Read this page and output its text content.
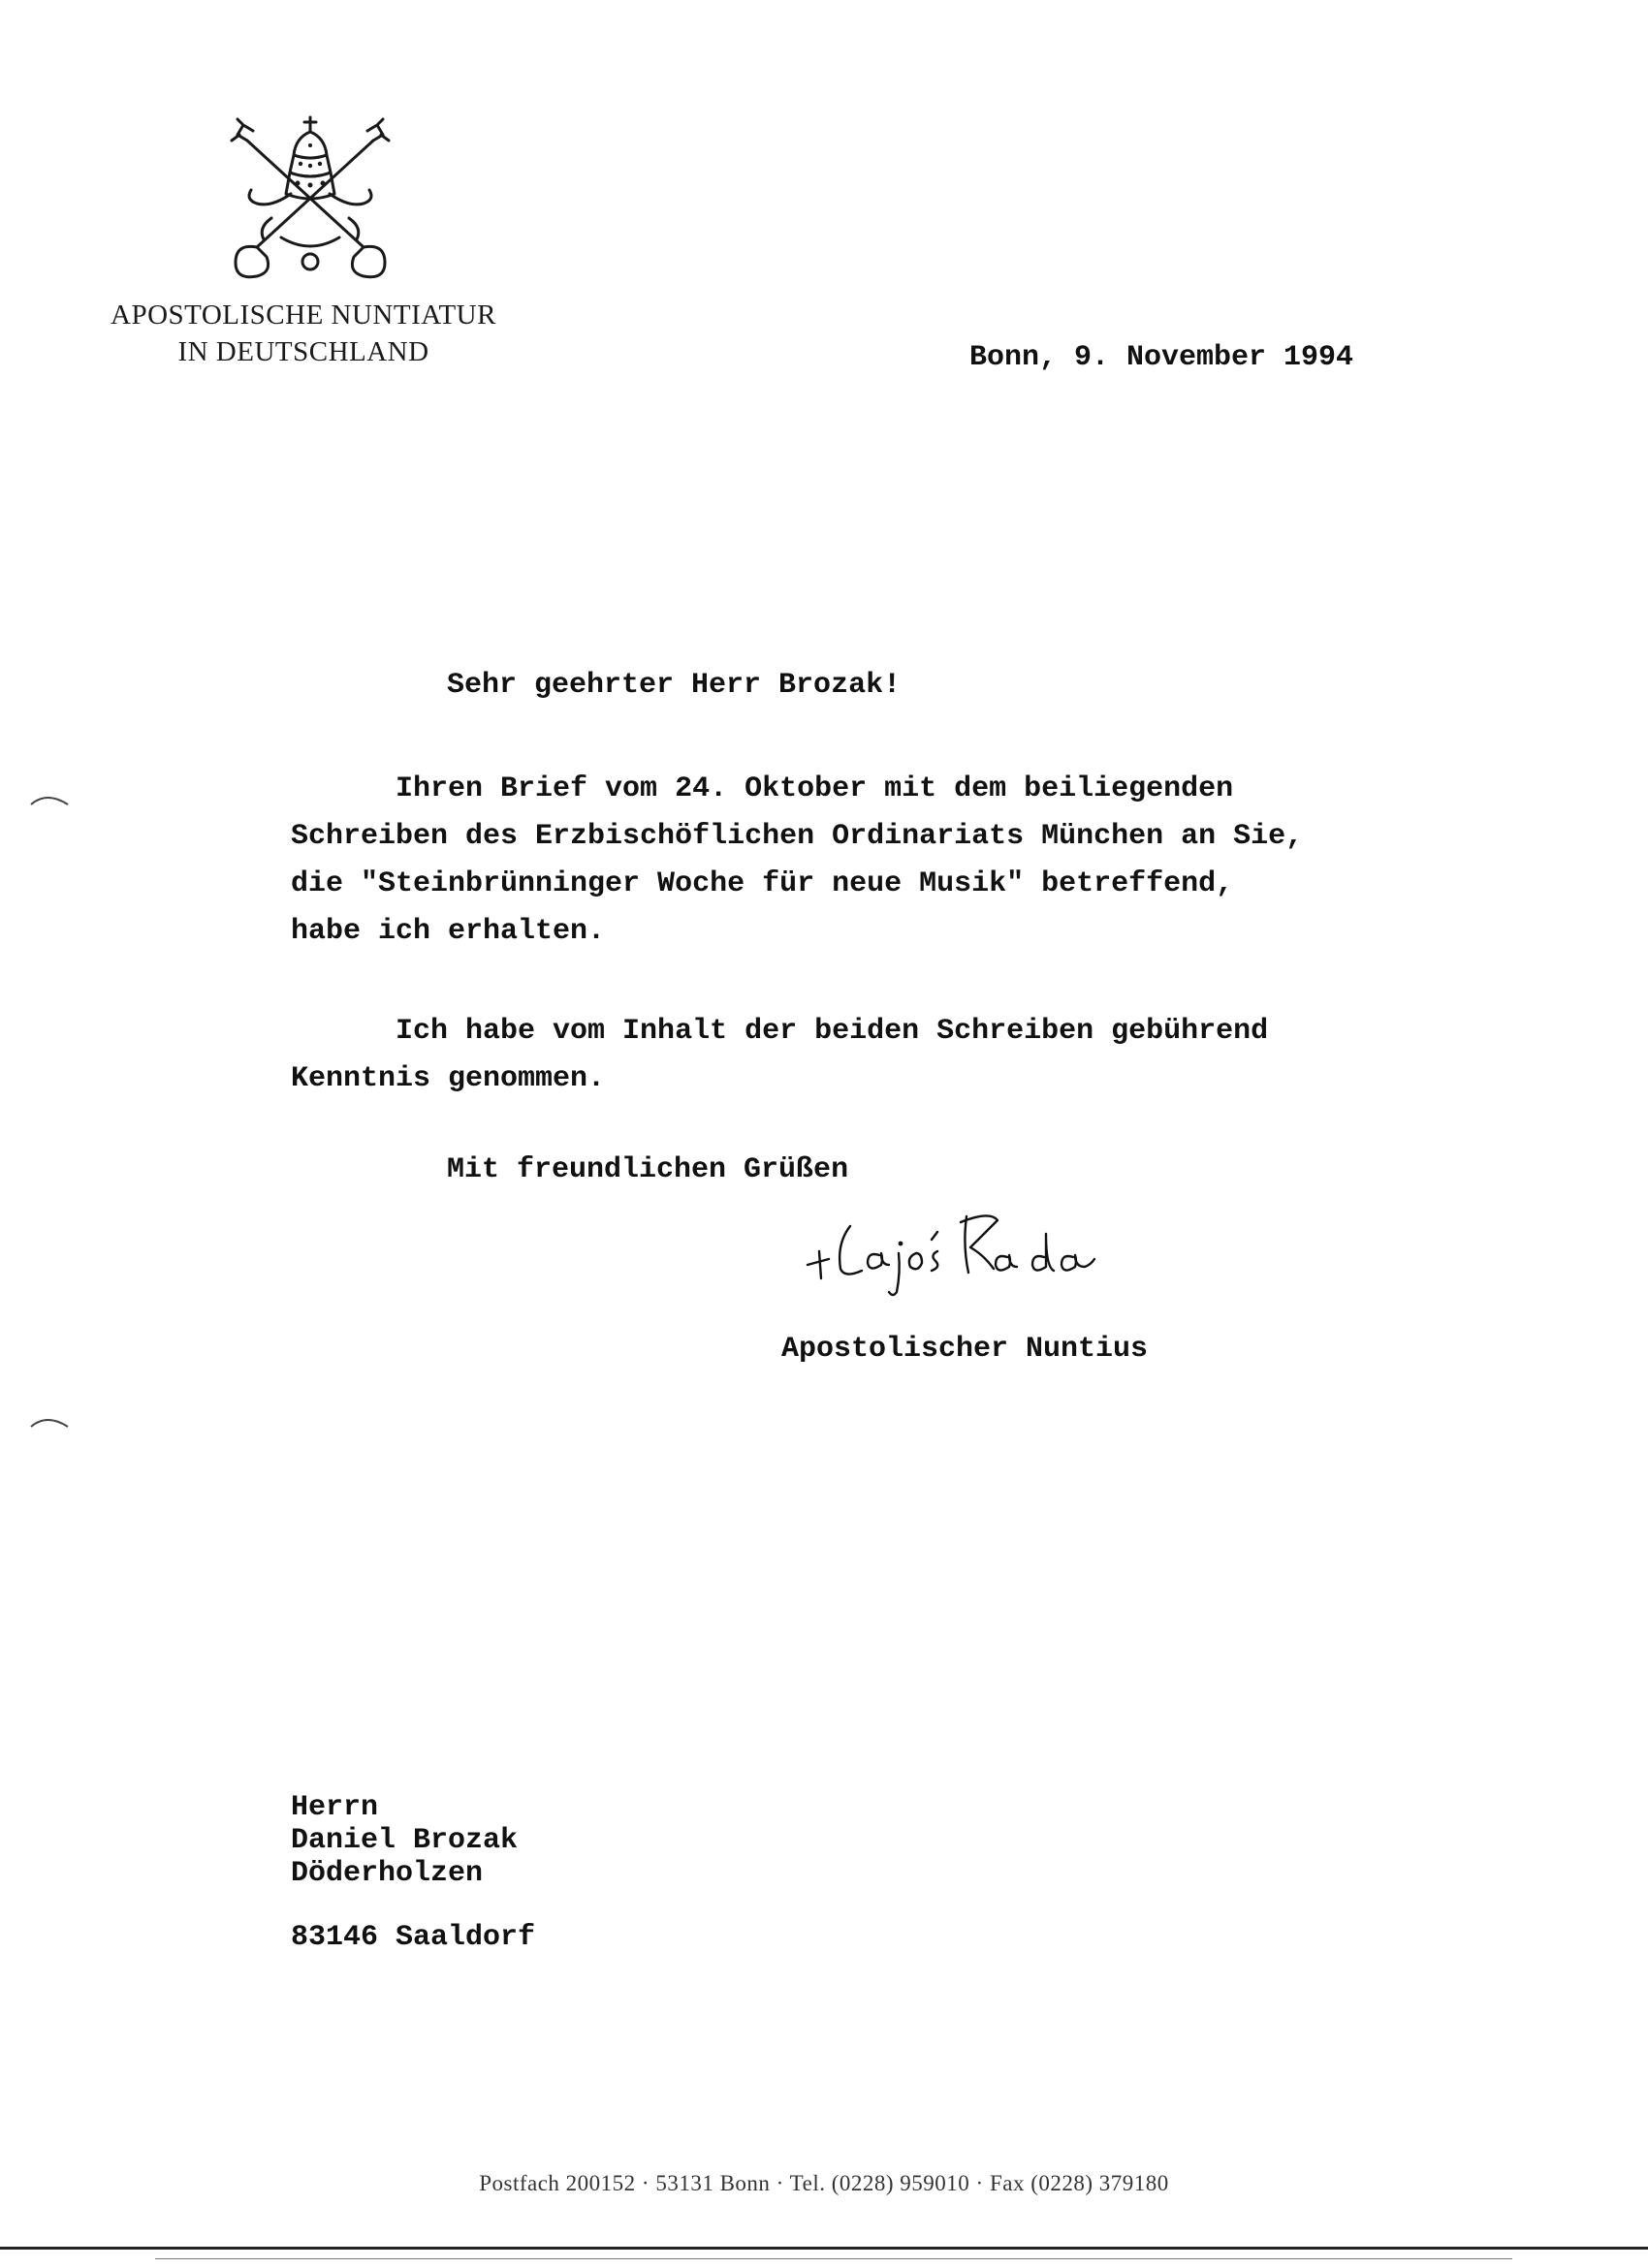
APOSTOLISCHE NUNTIATUR
IN DEUTSCHLAND	Bonn, 9. November 1994
Sehr geehrter Herr Brozak!
Ihren Brief vom 24. Oktober mit dem beiliegenden
Schreiben des Erzbischöflichen Ordinariats München an Sie,
die "Steinbrünninger Woche für neue Musik" betreffend,
habe ich erhalten.
Ich habe vom Inhalt der beiden Schreiben gebührend
Kenntnis genommen.
Mit freundlichen Grüßen
Apostolischer Nuntius
Herrn
Daniel Brozak
Döderholzen
83146 Saaldorf
Postfach 200152 · 53131 Bonn · Tel. (0228) 959010 · Fax (0228) 379180
